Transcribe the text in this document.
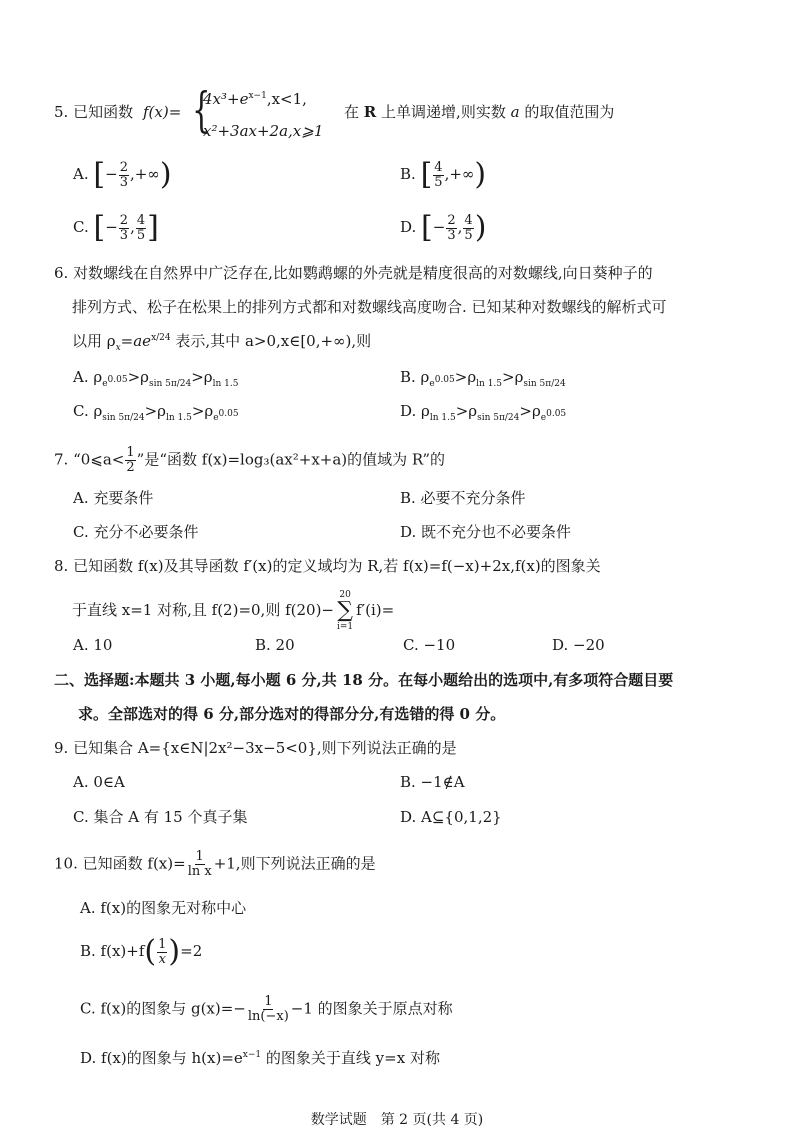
5. 已知函数 f(x)= {
$4x^3+e^{x-1},x<1$,
x²+3ax+2a,x⩾1
在 R 上单调递增,则实数 a 的取值范围为
A. [− $\frac{2}{3}$ ,+∞)	B. [ $\frac{4}{5}$ ,+∞)
C. [− $\frac{2}{3}$ , $\frac{4}{5}$ ]	D. [− $\frac{2}{3}$ , $\frac{4}{5}$ )
6. 对数螺线在自然界中广泛存在,比如鹦鹉螺的外壳就是精度很高的对数螺线,向日葵种子的
排列方式、松子在松果上的排列方式都和对数螺线高度吻合. 已知某种对数螺线的解析式可
以用 $\rho_x=ae^{x/24}$ 表示,其中 a>0,x∈[0,+∞),则
A. $\rho_{e^{0.05}}>\rho_{sin 5\pi/24}>\rho_{ln 1.5}$	B. $\rho_{e^{0.05}}>\rho_{ln 1.5}>\rho_{sin 5\pi/24}$
C. $\rho_{sin 5\pi/24}>\rho_{ln 1.5}>\rho_{e^{0.05}}$	D. $\rho_{ln 1.5}>\rho_{sin 5\pi/24}>\rho_{e^{0.05}}$
7. “0⩽a< $\frac{1}{2}$ ”是“函数 f(x)=log₃(ax²+x+a)的值域为 R”的
A. 充要条件	B. 必要不充分条件
C. 充分不必要条件	D. 既不充分也不必要条件
8. 已知函数 f(x)及其导函数 f′(x)的定义域均为 R,若 f(x)=f(−x)+2x,f(x)的图象关
于直线 x=1 对称,且 f(2)=0,则 f(20)−
20
∑
i=1
f′(i)=
A. 10	B. 20	C. −10	D. −20
二、选择题:本题共 3 小题,每小题 6 分,共 18 分。在每小题给出的选项中,有多项符合题目要
求。全部选对的得 6 分,部分选对的得部分分,有选错的得 0 分。
9. 已知集合 A={x∈N|2x²−3x−5<0},则下列说法正确的是
A. 0∈A	B. −1∉A
C. 集合 A 有 15 个真子集	D. A⊆{0,1,2}
10. 已知函数 $f(x)= \frac{1}{\text{ln x}} +1$,则下列说法正确的是
A. f(x)的图象无对称中心
B. $f(x)+f( \frac{1}{x} )=2$
C. f(x)的图象与 $g(x)=- \frac{1}{\ln(-x)} -1$ 的图象关于原点对称
D. f(x)的图象与 $h(x)=e^{x-1}$ 的图象关于直线 y=x 对称
数学试题　第 2 页(共 4 页)
